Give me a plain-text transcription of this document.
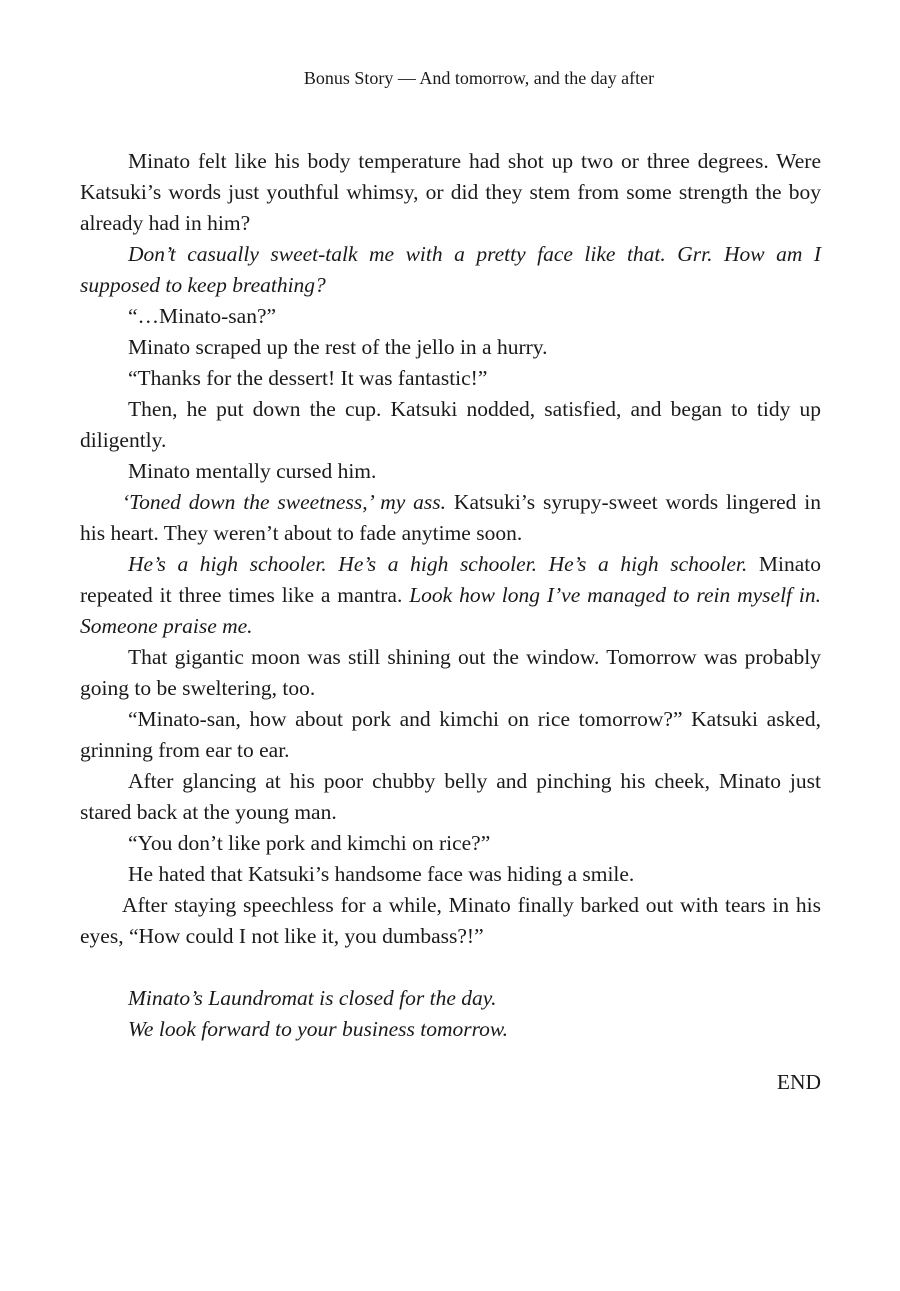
Bonus Story — And tomorrow, and the day after

Minato felt like his body temperature had shot up two or three degrees. Were Katsuki’s words just youthful whimsy, or did they stem from some strength the boy already had in him?

Don’t casually sweet-talk me with a pretty face like that. Grr. How am I supposed to keep breathing?

“…Minato-san?”

Minato scraped up the rest of the jello in a hurry.

“Thanks for the dessert! It was fantastic!”

Then, he put down the cup. Katsuki nodded, satisfied, and began to tidy up diligently.

Minato mentally cursed him.

‘Toned down the sweetness,’ my ass. Katsuki’s syrupy-sweet words lingered in his heart. They weren’t about to fade anytime soon.

He’s a high schooler. He’s a high schooler. He’s a high schooler. Minato repeated it three times like a mantra. Look how long I’ve managed to rein myself in. Someone praise me.

That gigantic moon was still shining out the window. Tomorrow was probably going to be sweltering, too.

“Minato-san, how about pork and kimchi on rice tomorrow?” Katsuki asked, grinning from ear to ear.

After glancing at his poor chubby belly and pinching his cheek, Minato just stared back at the young man.

“You don’t like pork and kimchi on rice?”

He hated that Katsuki’s handsome face was hiding a smile.

After staying speechless for a while, Minato finally barked out with tears in his eyes, “How could I not like it, you dumbass?!”

Minato’s Laundromat is closed for the day.

We look forward to your business tomorrow.

END
